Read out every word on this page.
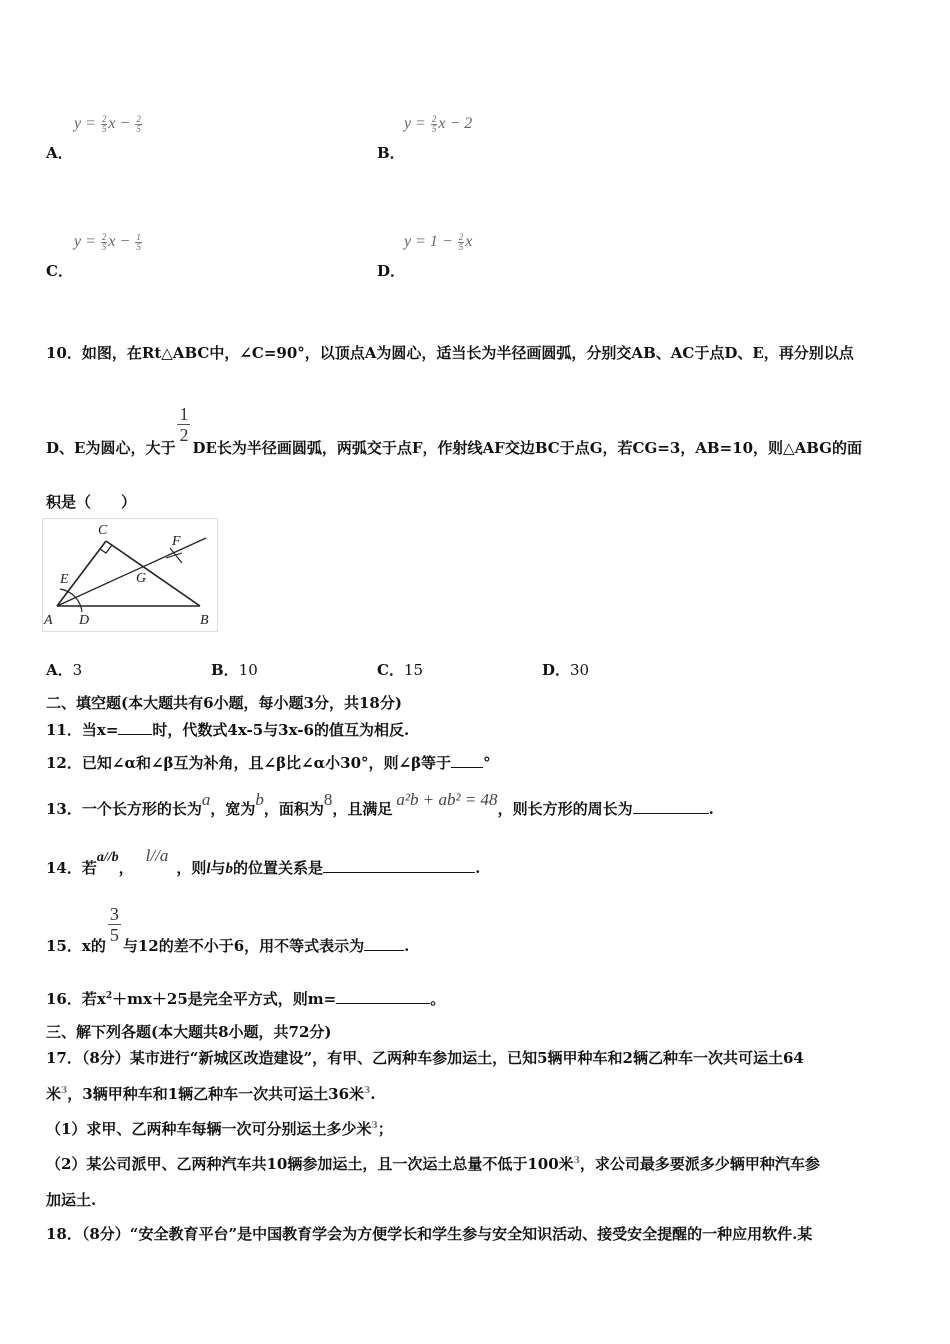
$y = \frac{2}{5}$ $x - \frac{2}{5}$
A．
$y = \frac{2}{5}$ x − 2
B．
$y = \frac{2}{5}$ $x - \frac{1}{5}$
C．
$y = 1 - \frac{2}{5}$ x
D．
10．如图，在Rt△ABC中，∠C=90°，以顶点A为圆心，适当长为半径画圆弧，分别交AB、AC于点D、E，再分别以点
D、E为圆心，大于
$\frac{1}{2}DE$长为半径画圆弧，两弧交于点F，作射线AF交边BC于点G，若CG=3，AB=10，则△ABG的面
积是（　　）
C
E
F
G
A D	B
A．3	B．10	C．15	D．30
二、填空题(本大题共有6小题，每小题3分，共18分)
11．当x= 时，代数式4x-5与3x-6的值互为相反.
12．已知∠α和∠β互为补角，且∠β比∠α小30°，则∠β等于 °
13．一个长方形的长为a，宽为b，面积为8，且满足 a²b + ab² = 48，则长方形的周长为	.
14．若a//b，l//a，则l与b的位置关系是	.
15．x的
$\frac{3}{5}$与12的差不小于6，用不等式表示为	.
16．若$x^2+mx+25$是完全平方式，则m=	。
三、解下列各题(本大题共8小题，共72分)
17．（8分）某市进行“新城区改造建设”，有甲、乙两种车参加运土，已知5辆甲种车和2辆乙种车一次共可运土64
米$^3$，3辆甲种车和1辆乙种车一次共可运土36米$^3$.
（1）求甲、乙两种车每辆一次可分别运土多少米$^3$；
（2）某公司派甲、乙两种汽车共10辆参加运土，且一次运土总量不低于100米$^3$，求公司最多要派多少辆甲种汽车参
加运土.
18．（8分）“安全教育平台”是中国教育学会为方便学长和学生参与安全知识活动、接受安全提醒的一种应用软件.某
